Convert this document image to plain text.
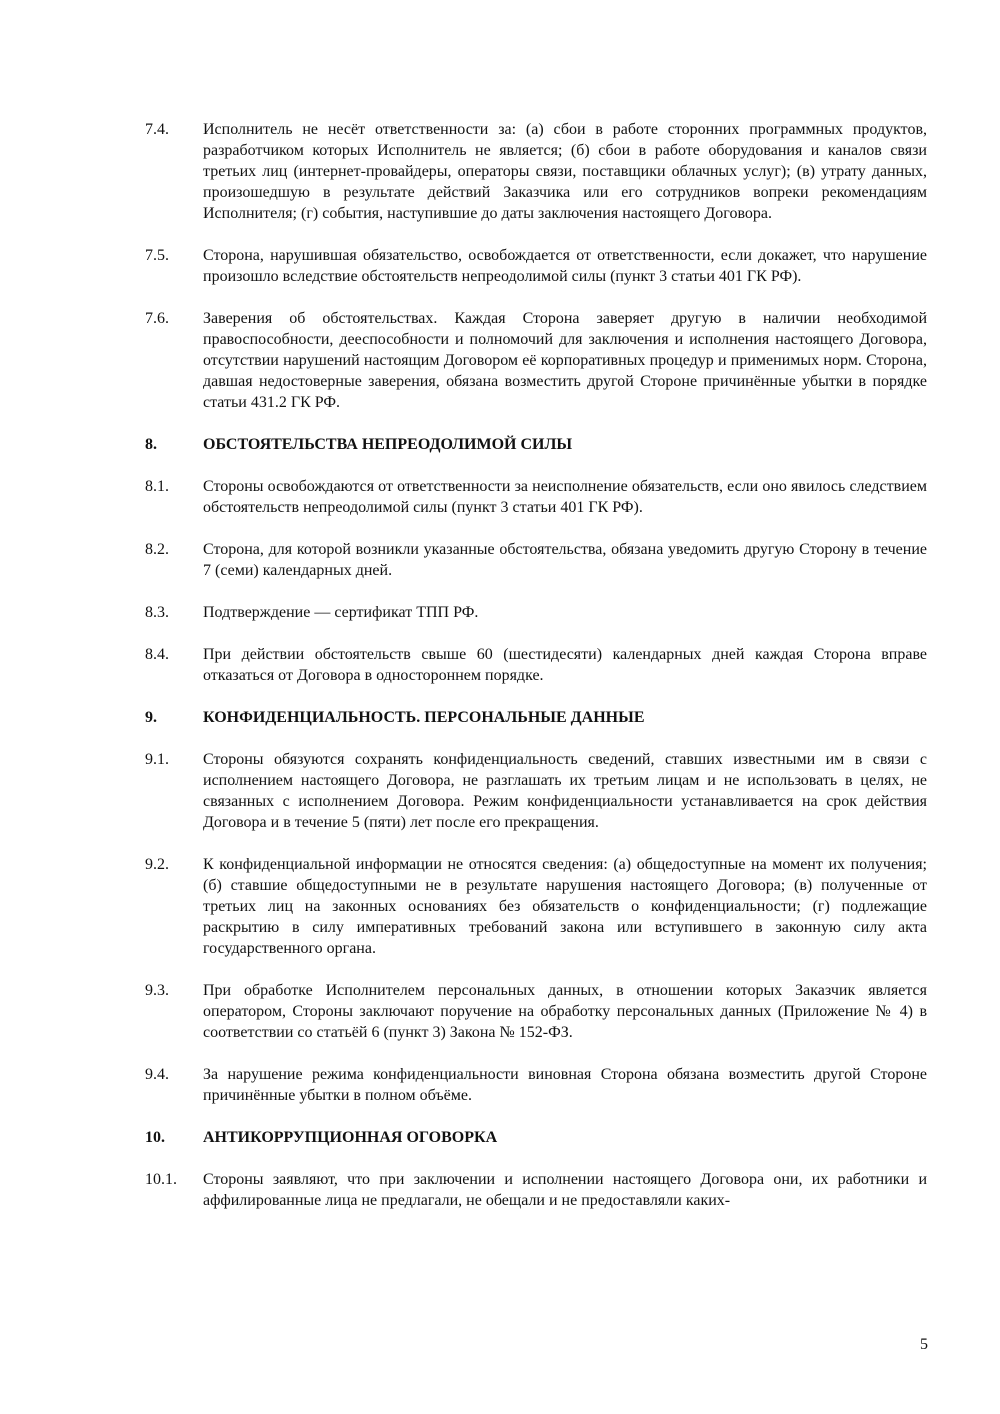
7.4.	Исполнитель не несёт ответственности за: (а) сбои в работе сторонних программных продуктов, разработчиком которых Исполнитель не является; (б) сбои в работе оборудования и каналов связи третьих лиц (интернет-провайдеры, операторы связи, поставщики облачных услуг); (в) утрату данных, произошедшую в результате действий Заказчика или его сотрудников вопреки рекомендациям Исполнителя; (г) события, наступившие до даты заключения настоящего Договора.
7.5.	Сторона, нарушившая обязательство, освобождается от ответственности, если докажет, что нарушение произошло вследствие обстоятельств непреодолимой силы (пункт 3 статьи 401 ГК РФ).
7.6.	Заверения об обстоятельствах. Каждая Сторона заверяет другую в наличии необходимой правоспособности, дееспособности и полномочий для заключения и исполнения настоящего Договора, отсутствии нарушений настоящим Договором её корпоративных процедур и применимых норм. Сторона, давшая недостоверные заверения, обязана возместить другой Стороне причинённые убытки в порядке статьи 431.2 ГК РФ.
8.	ОБСТОЯТЕЛЬСТВА НЕПРЕОДОЛИМОЙ СИЛЫ
8.1.	Стороны освобождаются от ответственности за неисполнение обязательств, если оно явилось следствием обстоятельств непреодолимой силы (пункт 3 статьи 401 ГК РФ).
8.2.	Сторона, для которой возникли указанные обстоятельства, обязана уведомить другую Сторону в течение 7 (семи) календарных дней.
8.3.	Подтверждение — сертификат ТПП РФ.
8.4.	При действии обстоятельств свыше 60 (шестидесяти) календарных дней каждая Сторона вправе отказаться от Договора в одностороннем порядке.
9.	КОНФИДЕНЦИАЛЬНОСТЬ. ПЕРСОНАЛЬНЫЕ ДАННЫЕ
9.1.	Стороны обязуются сохранять конфиденциальность сведений, ставших известными им в связи с исполнением настоящего Договора, не разглашать их третьим лицам и не использовать в целях, не связанных с исполнением Договора. Режим конфиденциальности устанавливается на срок действия Договора и в течение 5 (пяти) лет после его прекращения.
9.2.	К конфиденциальной информации не относятся сведения: (а) общедоступные на момент их получения; (б) ставшие общедоступными не в результате нарушения настоящего Договора; (в) полученные от третьих лиц на законных основаниях без обязательств о конфиденциальности; (г) подлежащие раскрытию в силу императивных требований закона или вступившего в законную силу акта государственного органа.
9.3.	При обработке Исполнителем персональных данных, в отношении которых Заказчик является оператором, Стороны заключают поручение на обработку персональных данных (Приложение № 4) в соответствии со статьёй 6 (пункт 3) Закона № 152-ФЗ.
9.4.	За нарушение режима конфиденциальности виновная Сторона обязана возместить другой Стороне причинённые убытки в полном объёме.
10.	АНТИКОРРУПЦИОННАЯ ОГОВОРКА
10.1.	Стороны заявляют, что при заключении и исполнении настоящего Договора они, их работники и аффилированные лица не предлагали, не обещали и не предоставляли каких-
5
